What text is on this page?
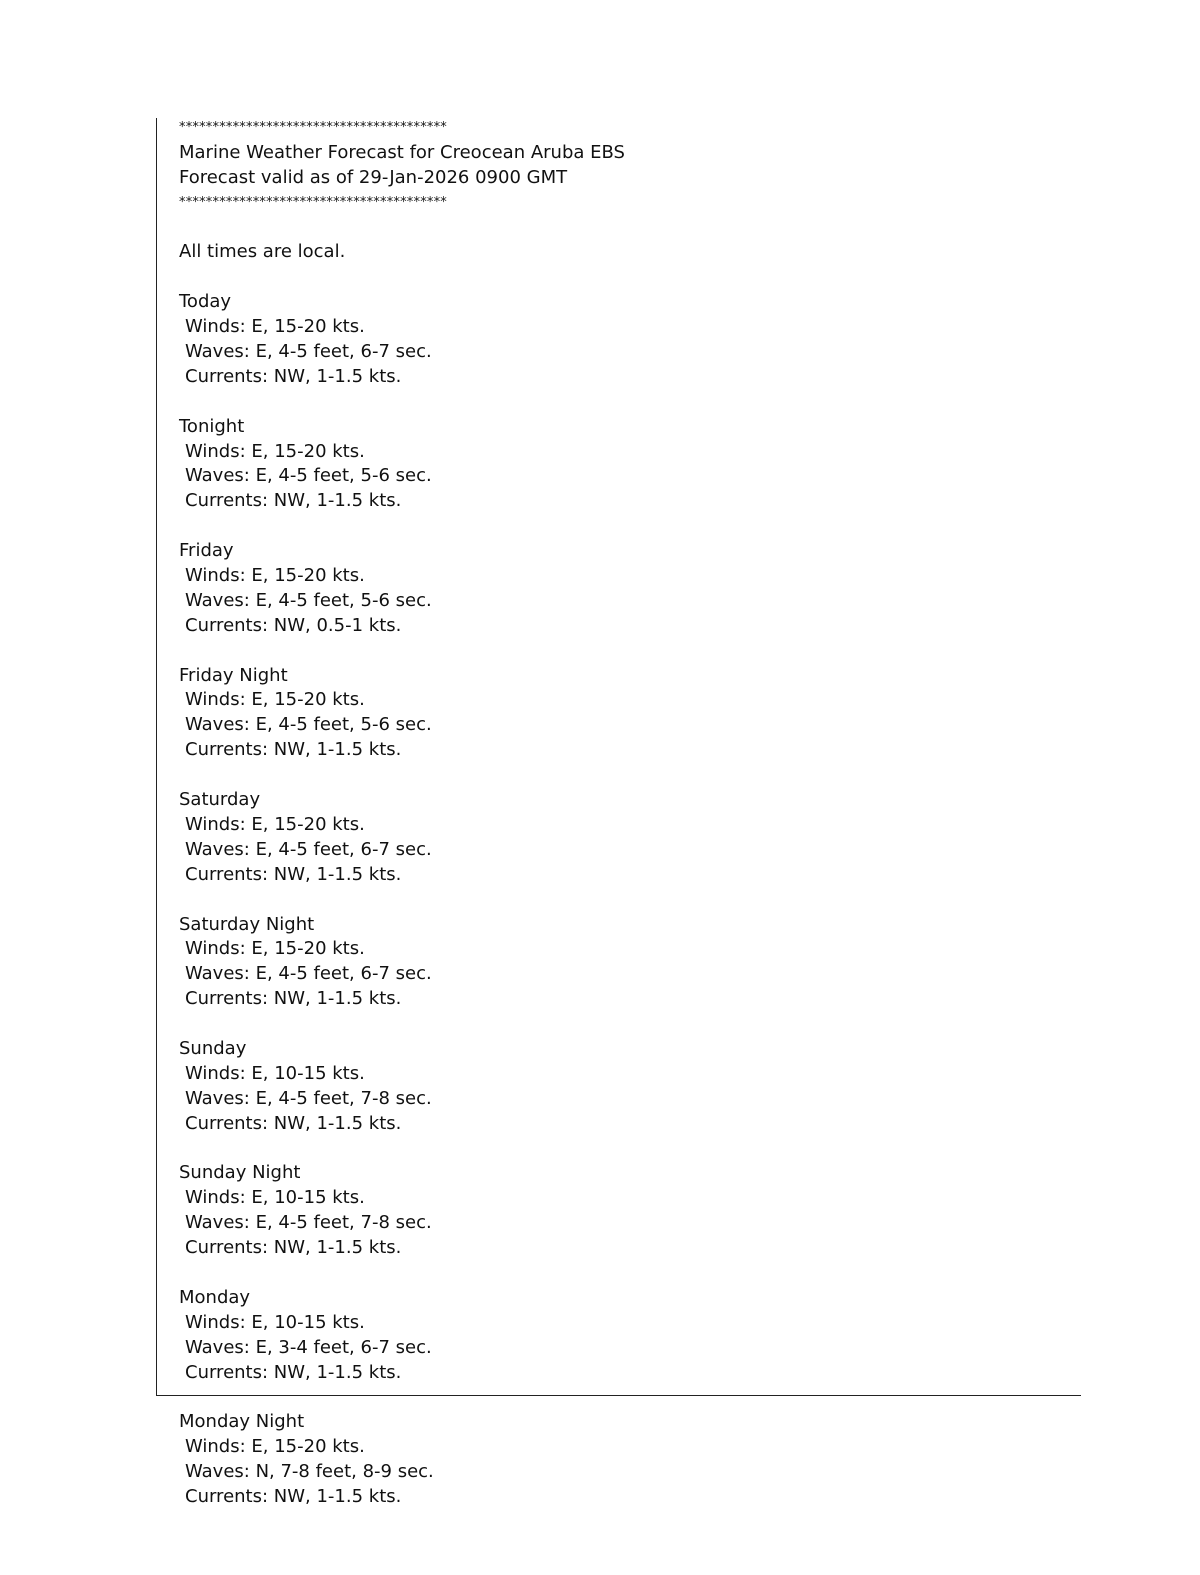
****************************************
Marine Weather Forecast for Creocean Aruba EBS
Forecast valid as of 29-Jan-2026 0900 GMT
****************************************
All times are local.
Today
Winds: E, 15-20 kts.
Waves: E, 4-5 feet, 6-7 sec.
Currents: NW, 1-1.5 kts.
Tonight
Winds: E, 15-20 kts.
Waves: E, 4-5 feet, 5-6 sec.
Currents: NW, 1-1.5 kts.
Friday
Winds: E, 15-20 kts.
Waves: E, 4-5 feet, 5-6 sec.
Currents: NW, 0.5-1 kts.
Friday Night
Winds: E, 15-20 kts.
Waves: E, 4-5 feet, 5-6 sec.
Currents: NW, 1-1.5 kts.
Saturday
Winds: E, 15-20 kts.
Waves: E, 4-5 feet, 6-7 sec.
Currents: NW, 1-1.5 kts.
Saturday Night
Winds: E, 15-20 kts.
Waves: E, 4-5 feet, 6-7 sec.
Currents: NW, 1-1.5 kts.
Sunday
Winds: E, 10-15 kts.
Waves: E, 4-5 feet, 7-8 sec.
Currents: NW, 1-1.5 kts.
Sunday Night
Winds: E, 10-15 kts.
Waves: E, 4-5 feet, 7-8 sec.
Currents: NW, 1-1.5 kts.
Monday
Winds: E, 10-15 kts.
Waves: E, 3-4 feet, 6-7 sec.
Currents: NW, 1-1.5 kts.
Monday Night
Winds: E, 15-20 kts.
Waves: N, 7-8 feet, 8-9 sec.
Currents: NW, 1-1.5 kts.
